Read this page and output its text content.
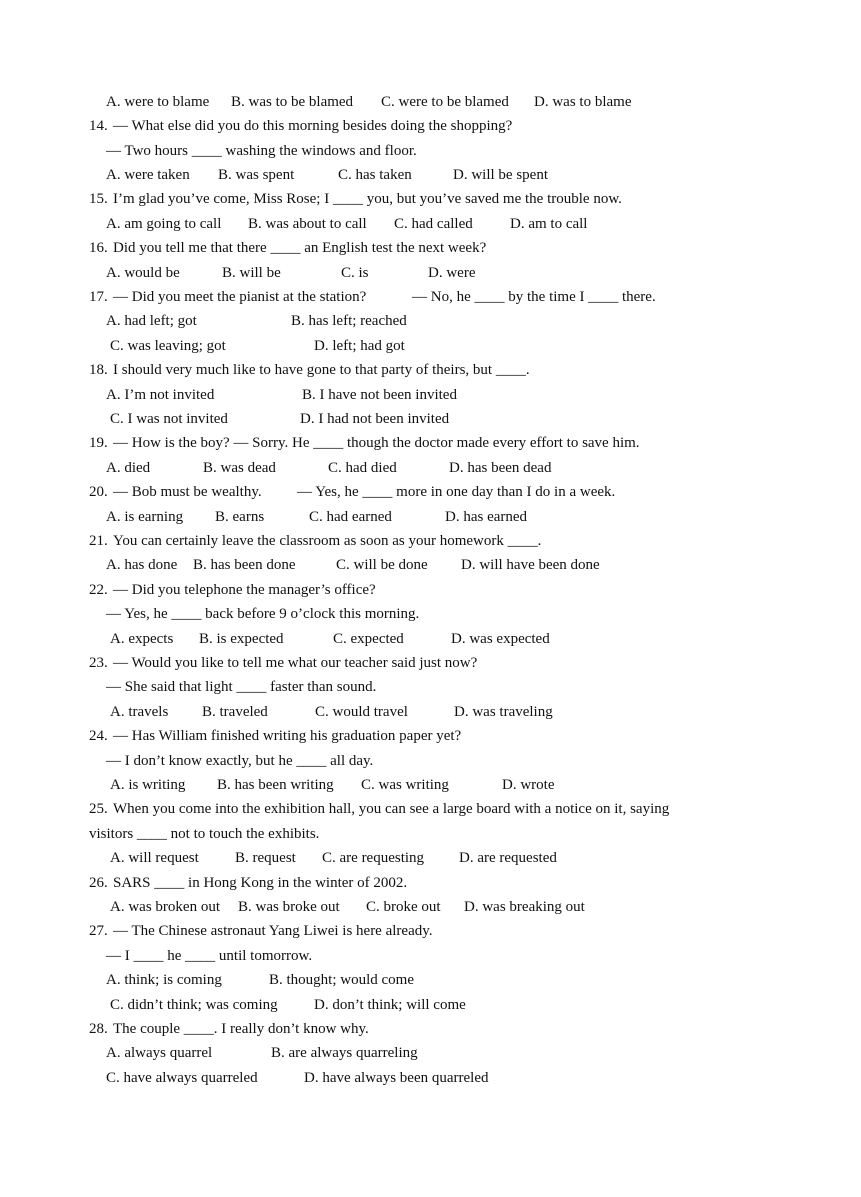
A. were to blame

B. was to be blamed

C. were to be blamed

D. was to blame

14.

— What else did you do this morning besides doing the shopping?

— Two hours ____ washing the windows and floor.

A. were taken

B. was spent

	C. has taken

	D. will be spent

15.

I’m glad you’ve come, Miss Rose; I ____ you, but you’ve saved me the trouble now.

A. am going to call

B. was about to call

C. had called

D. am to call

16.

Did you tell me that there ____ an English test the next week?

A. would be

	B. will be

	C. is

	D. were

17.

— Did you meet the pianist at the station?

	— No, he ____ by the time I ____ there.

A. had left; got

	B. has left; reached

C. was leaving; got

	D. left; had got

18.

I should very much like to have gone to that party of theirs, but ____.

A. I’m not invited

	B. I have not been invited

C. I was not invited

	D. I had not been invited

19.

— How is the boy? — Sorry. He ____ though the doctor made every effort to save him.

A. died

	B. was dead

	C. had died

	D. has been dead

20.

— Bob must be wealthy.

— Yes, he ____ more in one day than I do in a week.

A. is earning

B. earns

	C. had earned

	D. has earned

21.

You can certainly leave the classroom as soon as your homework ____.

A. has done

B. has been done

	C. will be done

D. will have been done

22.

— Did you telephone the manager’s office?

— Yes, he ____ back before 9 o’clock this morning.

A. expects

B. is expected

	C. expected

	D. was expected

23.

— Would you like to tell me what our teacher said just now?

— She said that light ____ faster than sound.

A. travels

B. traveled

	C. would travel

	D. was traveling

24.

— Has William finished writing his graduation paper yet?

— I don’t know exactly, but he ____ all day.

A. is writing

B. has been writing

C. was writing

	D. wrote

25.

When you come into the exhibition hall, you can see a large board with a notice on it, saying

visitors ____ not to touch the exhibits.

A. will request

B. request

C. are requesting

D. are requested

26.

SARS ____ in Hong Kong in the winter of 2002.

A. was broken out

B. was broke out

C. broke out

D. was breaking out

27.

— The Chinese astronaut Yang Liwei is here already.

— I ____ he ____ until tomorrow.

A. think; is coming

	B. thought; would come

C. didn’t think; was coming

D. don’t think; will come

28.

The couple ____. I really don’t know why.

A. always quarrel

	B. are always quarreling

C. have always quarreled

	D. have always been quarreled
